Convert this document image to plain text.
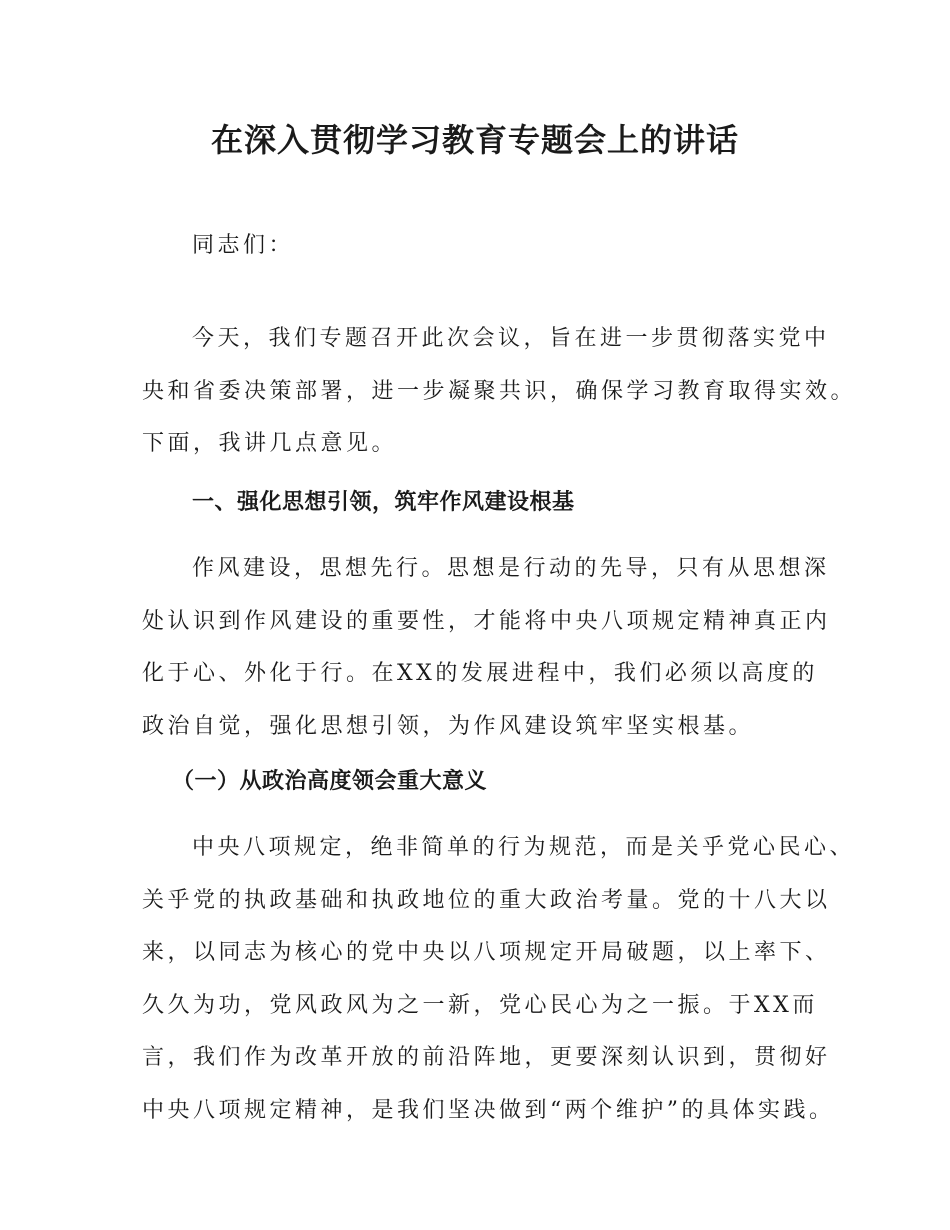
在深入贯彻学习教育专题会上的讲话

同志们：

今天，我们专题召开此次会议，旨在进一步贯彻落实党中
央和省委决策部署，进一步凝聚共识，确保学习教育取得实效。
下面，我讲几点意见。

一、强化思想引领，筑牢作风建设根基

作风建设，思想先行。思想是行动的先导，只有从思想深
处认识到作风建设的重要性，才能将中央八项规定精神真正内
化于心、外化于行。在XX的发展进程中，我们必须以高度的
政治自觉，强化思想引领，为作风建设筑牢坚实根基。

（一）从政治高度领会重大意义

中央八项规定，绝非简单的行为规范，而是关乎党心民心、
关乎党的执政基础和执政地位的重大政治考量。党的十八大以
来，以同志为核心的党中央以八项规定开局破题，以上率下、
久久为功，党风政风为之一新，党心民心为之一振。于XX而
言，我们作为改革开放的前沿阵地，更要深刻认识到，贯彻好
中央八项规定精神，是我们坚决做到“两个维护”的具体实践。
